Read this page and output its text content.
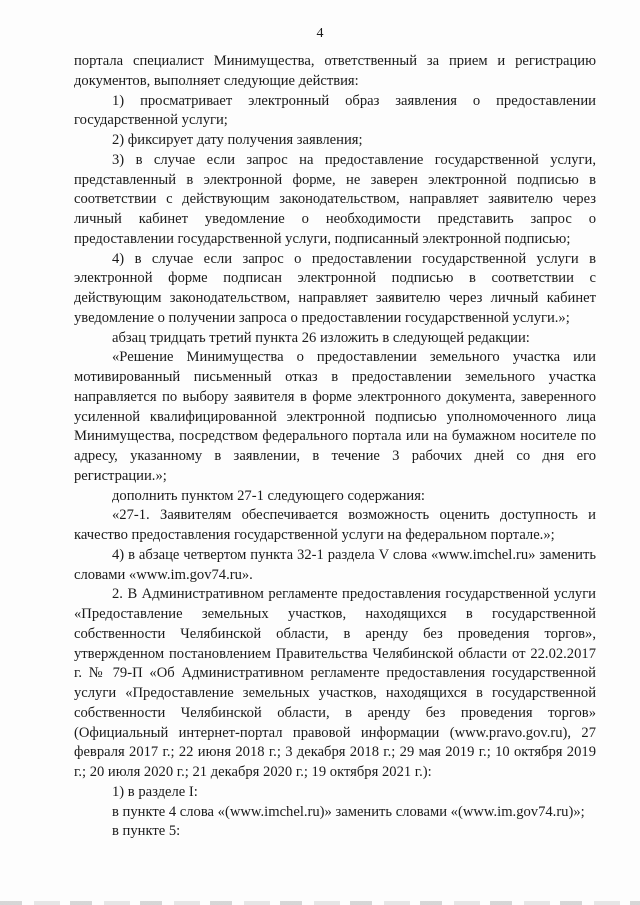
4

портала специалист Минимущества, ответственный за прием и регистрацию документов, выполняет следующие действия:

1) просматривает электронный образ заявления о предоставлении государственной услуги;

2) фиксирует дату получения заявления;

3) в случае если запрос на предоставление государственной услуги, представленный в электронной форме, не заверен электронной подписью в соответствии с действующим законодательством, направляет заявителю через личный кабинет уведомление о необходимости представить запрос о предоставлении государственной услуги, подписанный электронной подписью;

4) в случае если запрос о предоставлении государственной услуги в электронной форме подписан электронной подписью в соответствии с действующим законодательством, направляет заявителю через личный кабинет уведомление о получении запроса о предоставлении государственной услуги.»;

абзац тридцать третий пункта 26 изложить в следующей редакции:

«Решение Минимущества о предоставлении земельного участка или мотивированный письменный отказ в предоставлении земельного участка направляется по выбору заявителя в форме электронного документа, заверенного усиленной квалифицированной электронной подписью уполномоченного лица Минимущества, посредством федерального портала или на бумажном носителе по адресу, указанному в заявлении, в течение 3 рабочих дней со дня его регистрации.»;

дополнить пунктом 27-1 следующего содержания:

«27-1. Заявителям обеспечивается возможность оценить доступность и качество предоставления государственной услуги на федеральном портале.»;

4) в абзаце четвертом пункта 32-1 раздела V слова «www.imchel.ru» заменить словами «www.im.gov74.ru».

2. В Административном регламенте предоставления государственной услуги «Предоставление земельных участков, находящихся в государственной собственности Челябинской области, в аренду без проведения торгов», утвержденном постановлением Правительства Челябинской области от 22.02.2017 г. № 79-П «Об Административном регламенте предоставления государственной услуги «Предоставление земельных участков, находящихся в государственной собственности Челябинской области, в аренду без проведения торгов» (Официальный интернет-портал правовой информации (www.pravo.gov.ru), 27 февраля 2017 г.; 22 июня 2018 г.; 3 декабря 2018 г.; 29 мая 2019 г.; 10 октября 2019 г.; 20 июля 2020 г.; 21 декабря 2020 г.; 19 октября 2021 г.):

1) в разделе I:

в пункте 4 слова «(www.imchel.ru)» заменить словами «(www.im.gov74.ru)»;

в пункте 5:
